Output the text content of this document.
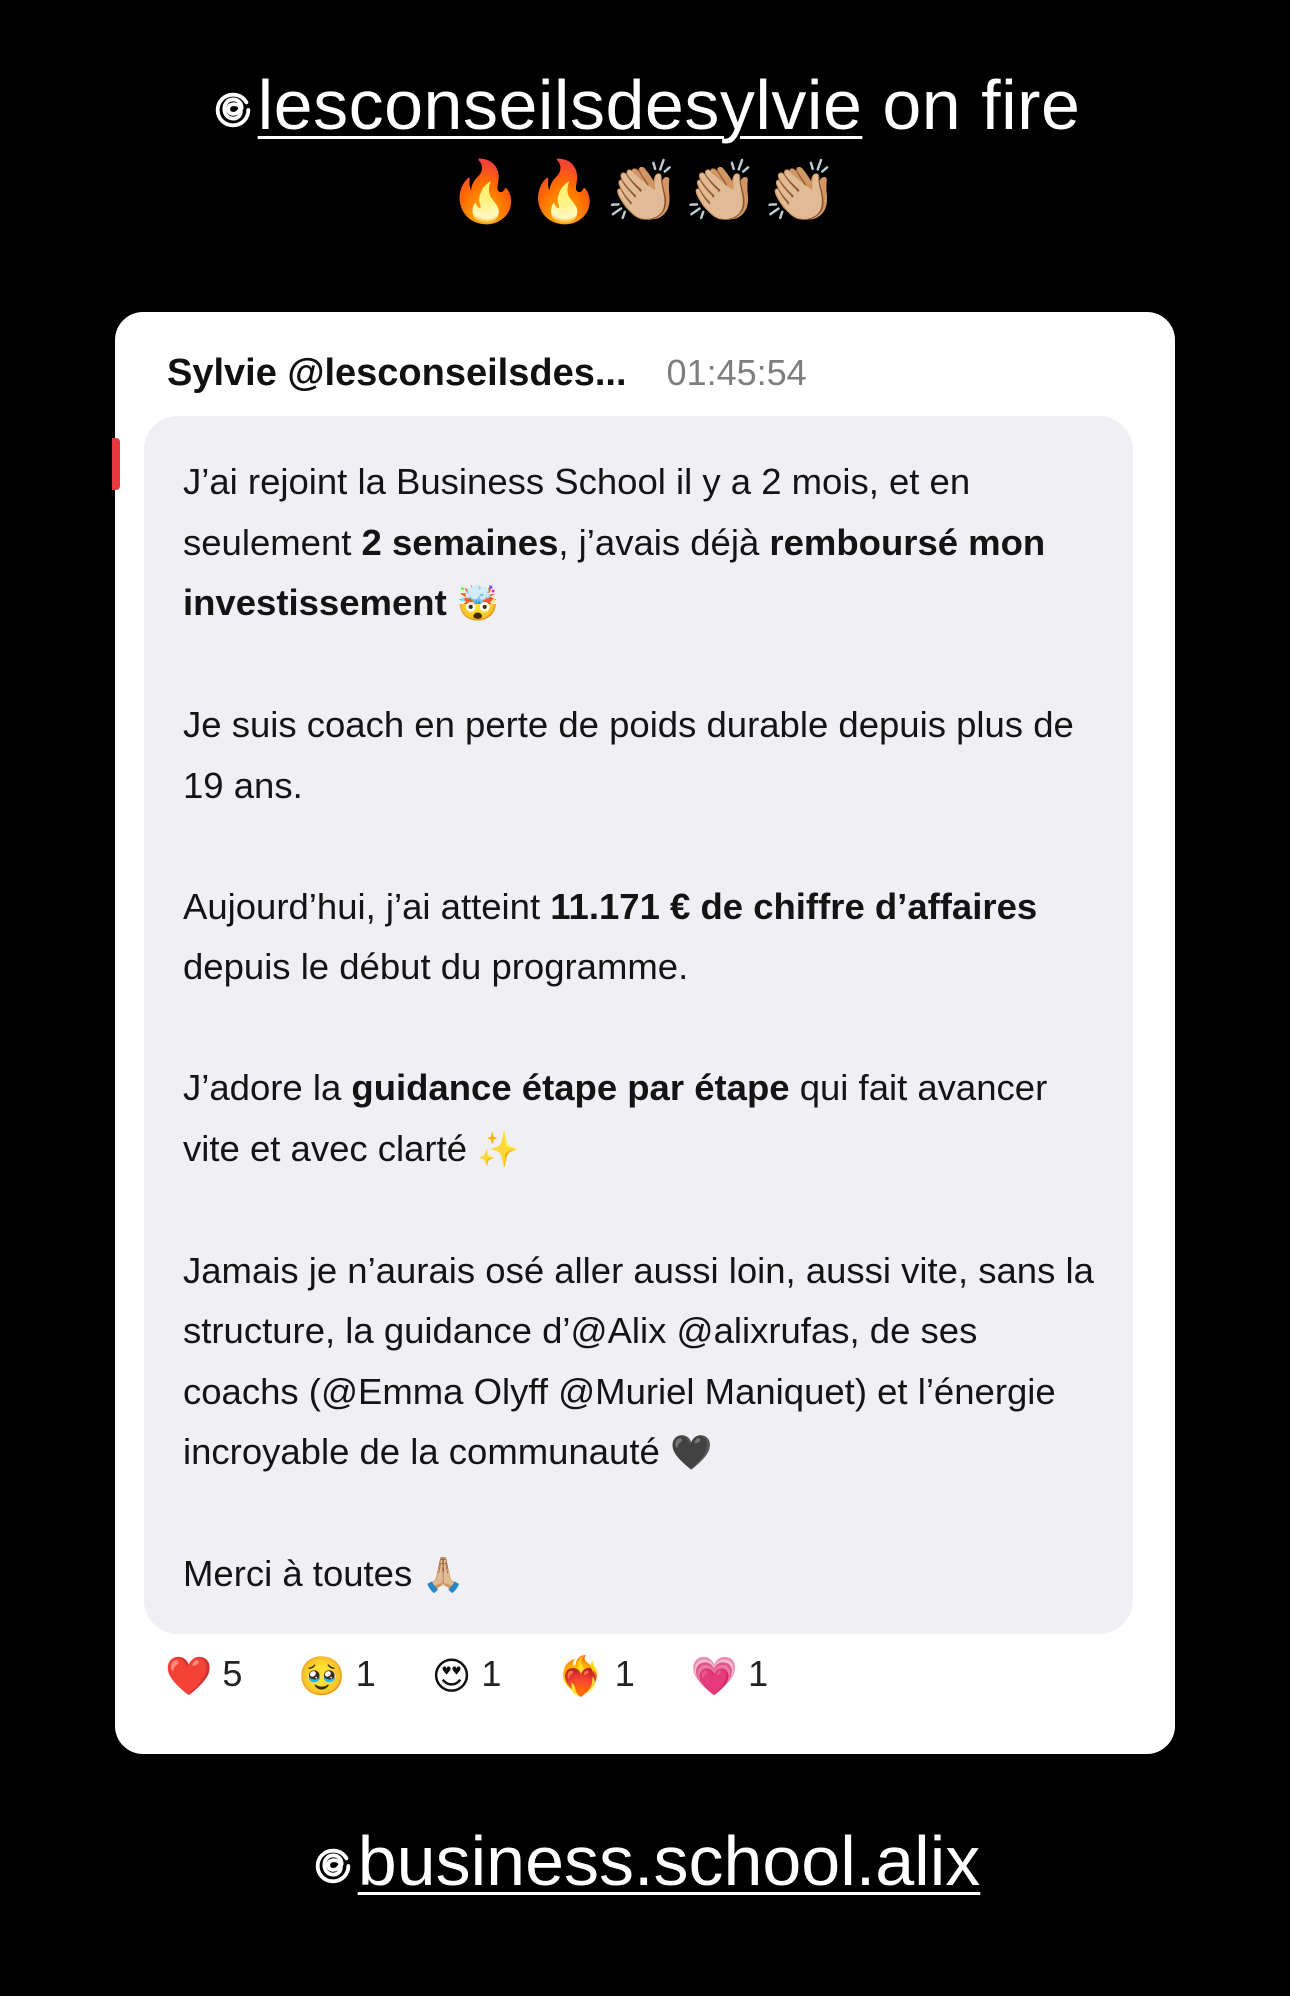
lesconseilsdesylvie on fire
🔥🔥👏🏼👏🏼👏🏼
Sylvie @lesconseilsdes... 01:45:54

J’ai rejoint la Business School il y a 2 mois, et en seulement 2 semaines, j’avais déjà remboursé mon investissement 🤯

Je suis coach en perte de poids durable depuis plus de 19 ans.

Aujourd’hui, j’ai atteint 11.171 € de chiffre d’affaires depuis le début du programme.

J’adore la guidance étape par étape qui fait avancer vite et avec clarté ✨

Jamais je n’aurais osé aller aussi loin, aussi vite, sans la structure, la guidance d’@Alix @alixrufas, de ses coachs (@Emma Olyff @Muriel Maniquet) et l’énergie incroyable de la communauté 🖤

Merci à toutes 🙏🏼

❤️ 5 🥹 1 😍 1 ❤️‍🔥 1 💗 1
business.school.alix
